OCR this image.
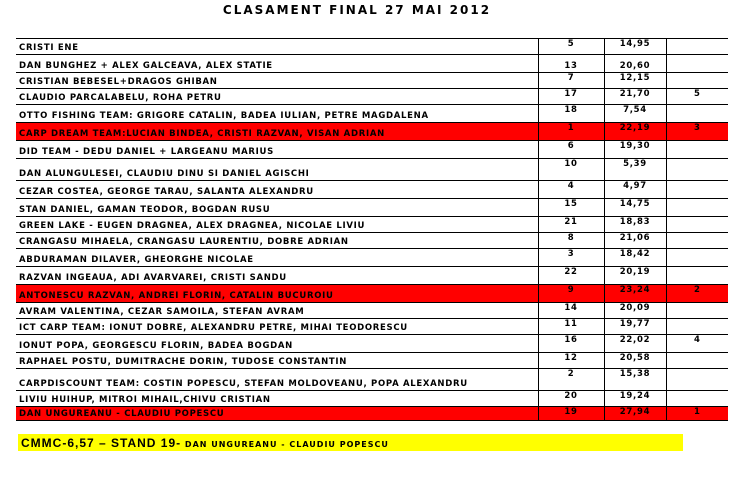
CLASAMENT FINAL 27 MAI 2012
CRISTI ENE	5	14,95	
DAN BUNGHEZ + ALEX GALCEAVA, ALEX STATIE	13	20,60	
CRISTIAN BEBESEL+DRAGOS GHIBAN	7	12,15	
CLAUDIO PARCALABELU, ROHA PETRU	17	21,70	5
OTTO FISHING TEAM: GRIGORE CATALIN, BADEA IULIAN, PETRE MAGDALENA	18	7,54	
CARP DREAM TEAM:LUCIAN BINDEA, CRISTI RAZVAN, VISAN ADRIAN	1	22,19	3
DID TEAM - DEDU DANIEL + LARGEANU MARIUS	6	19,30	
DAN ALUNGULESEI, CLAUDIU DINU SI DANIEL AGISCHI	10	5,39	
CEZAR COSTEA, GEORGE TARAU, SALANTA ALEXANDRU	4	4,97	
STAN DANIEL, GAMAN TEODOR, BOGDAN RUSU	15	14,75	
GREEN LAKE - EUGEN DRAGNEA, ALEX DRAGNEA, NICOLAE LIVIU	21	18,83	
CRANGASU MIHAELA, CRANGASU LAURENTIU, DOBRE ADRIAN	8	21,06	
ABDURAMAN DILAVER, GHEORGHE NICOLAE	3	18,42	
RAZVAN INGEAUA, ADI AVARVAREI, CRISTI SANDU	22	20,19	
ANTONESCU RAZVAN, ANDREI FLORIN, CATALIN BUCUROIU	9	23,24	2
AVRAM VALENTINA, CEZAR SAMOILA, STEFAN AVRAM	14	20,09	
ICT CARP TEAM: IONUT DOBRE, ALEXANDRU PETRE, MIHAI TEODORESCU	11	19,77	
IONUT POPA, GEORGESCU FLORIN, BADEA BOGDAN	16	22,02	4
RAPHAEL POSTU, DUMITRACHE DORIN, TUDOSE CONSTANTIN	12	20,58	
CARPDISCOUNT TEAM: COSTIN POPESCU, STEFAN MOLDOVEANU, POPA ALEXANDRU	2	15,38	
LIVIU HUIHUP, MITROI MIHAIL,CHIVU CRISTIAN	20	19,24	
DAN UNGUREANU - CLAUDIU POPESCU	19	27,94	1
CMMC-6,57 – STAND 19- DAN UNGUREANU - CLAUDIU POPESCU
